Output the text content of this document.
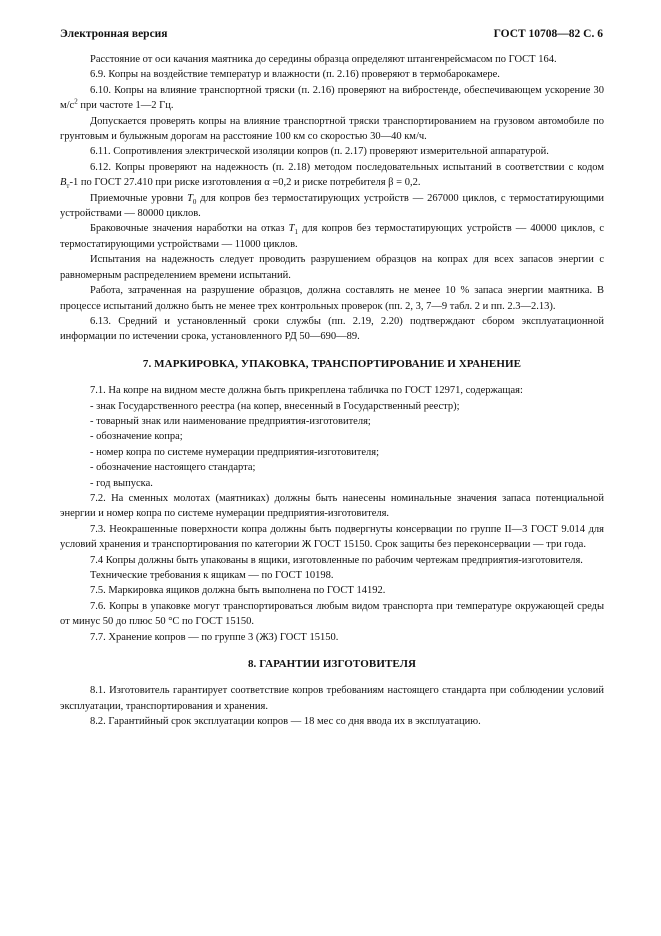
Электронная версия	ГОСТ 10708—82 С. 6

Расстояние от оси качания маятника до середины образца определяют штангенрейсмасом по ГОСТ 164.

6.9. Копры на воздействие температур и влажности (п. 2.16) проверяют в термобарокамере.

6.10. Копры на влияние транспортной тряски (п. 2.16) проверяют на вибростенде, обеспечивающем ускорение 30 $м/с^2$ при частоте 1—2 Гц.

Допускается проверять копры на влияние транспортной тряски транспортированием на грузовом автомобиле по грунтовым и булыжным дорогам на расстояние 100 км со скоростью 30—40 км/ч.

6.11. Сопротивления электрической изоляции копров (п. 2.17) проверяют измерительной аппаратурой.

6.12. Копры проверяют на надежность (п. 2.18) методом последовательных испытаний в соответствии с кодом $B_т-1$ по ГОСТ 27.410 при риске изготовления α =0,2 и риске потребителя β = 0,2.

Приемочные уровни $T_0$ для копров без термостатирующих устройств — 267000 циклов, с термостатирующими устройствами — 80000 циклов.

Браковочные значения наработки на отказ $T_1$ для копров без термостатирующих устройств — 40000 циклов, с термостатирующими устройствами — 11000 циклов.

Испытания на надежность следует проводить разрушением образцов на копрах для всех запасов энергии с равномерным распределением времени испытаний.

Работа, затраченная на разрушение образцов, должна составлять не менее 10 % запаса энергии маятника. В процессе испытаний должно быть не менее трех контрольных проверок (пп. 2, 3, 7—9 табл. 2 и пп. 2.3—2.13).

6.13. Средний и установленный сроки службы (пп. 2.19, 2.20) подтверждают сбором эксплуатационной информации по истечении срока, установленного РД 50—690—89.

7. МАРКИРОВКА, УПАКОВКА, ТРАНСПОРТИРОВАНИЕ И ХРАНЕНИЕ

7.1. На копре на видном месте должна быть прикреплена табличка по ГОСТ 12971, содержащая:

- знак Государственного реестра (на копер, внесенный в Государственный реестр);

- товарный знак или наименование предприятия-изготовителя;

- обозначение копра;

- номер копра по системе нумерации предприятия-изготовителя;

- обозначение настоящего стандарта;

- год выпуска.

7.2. На сменных молотах (маятниках) должны быть нанесены номинальные значения запаса потенциальной энергии и номер копра по системе нумерации предприятия-изготовителя.

7.3. Неокрашенные поверхности копра должны быть подвергнуты консервации по группе II—3 ГОСТ 9.014 для условий хранения и транспортирования по категории Ж ГОСТ 15150. Срок защиты без переконсервации — три года.

7.4 Копры должны быть упакованы в ящики, изготовленные по рабочим чертежам предприятия-изготовителя.

Технические требования к ящикам — по ГОСТ 10198.

7.5. Маркировка ящиков должна быть выполнена по ГОСТ 14192.

7.6. Копры в упаковке могут транспортироваться любым видом транспорта при температуре окружающей среды от минус 50 до плюс 50 °С по ГОСТ 15150.

7.7. Хранение копров — по группе 3 (ЖЗ) ГОСТ 15150.

8. ГАРАНТИИ ИЗГОТОВИТЕЛЯ

8.1. Изготовитель гарантирует соответствие копров требованиям настоящего стандарта при соблюдении условий эксплуатации, транспортирования и хранения.

8.2. Гарантийный срок эксплуатации копров — 18 мес со дня ввода их в эксплуатацию.
